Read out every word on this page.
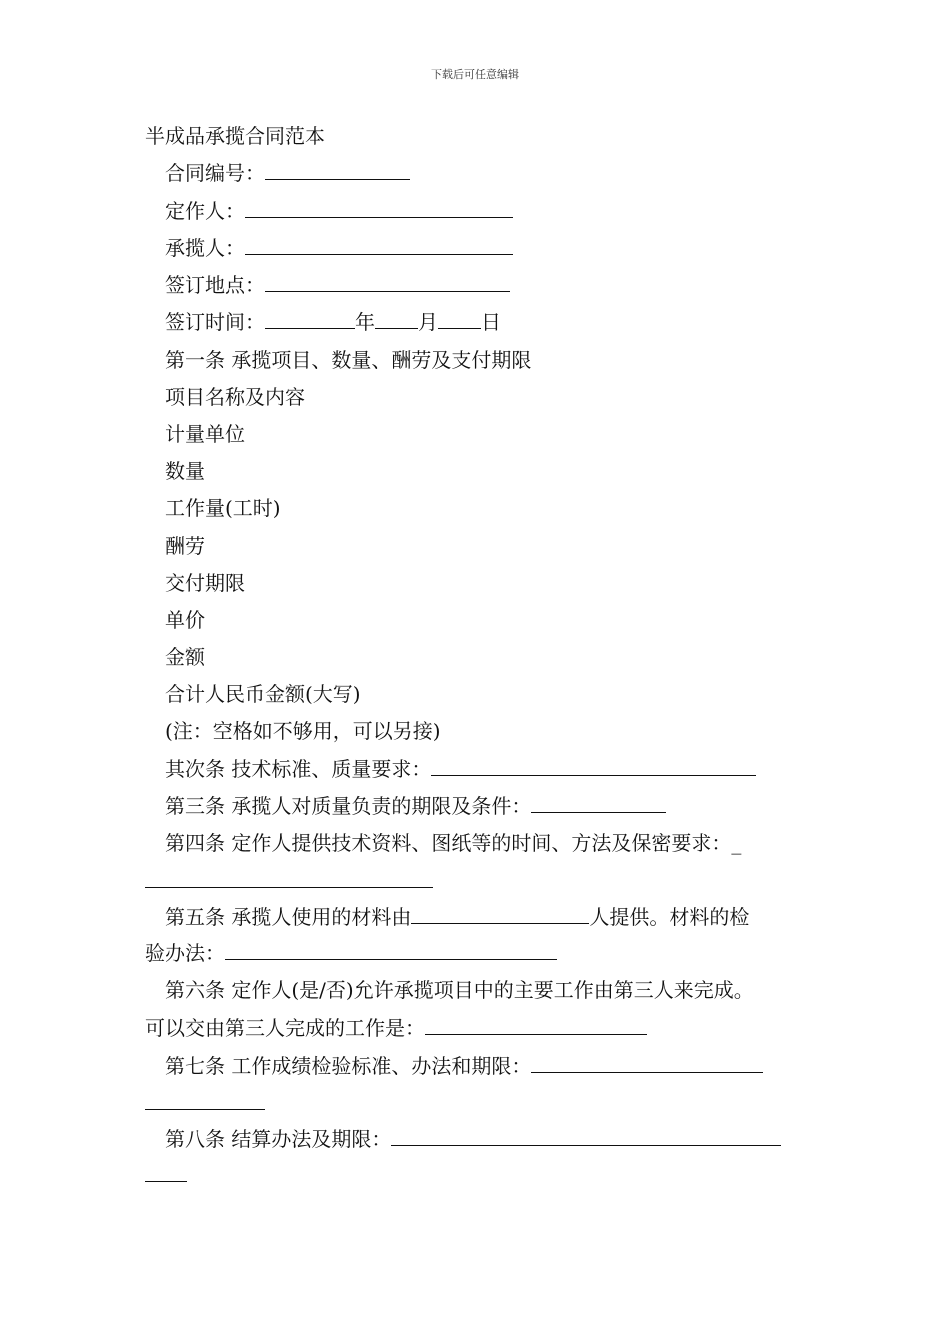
下载后可任意编辑
半成品承揽合同范本
合同编号：
定作人：
承揽人：
签订地点：
签订时间：	年 月 日
第一条 承揽项目、数量、酬劳及支付期限
项目名称及内容
计量单位
数量
工作量(工时)
酬劳
交付期限
单价
金额
合计人民币金额(大写)
(注：空格如不够用，可以另接)
其次条 技术标准、质量要求：
第三条 承揽人对质量负责的期限及条件：
第四条 定作人提供技术资料、图纸等的时间、方法及保密要求：_
第五条 承揽人使用的材料由	人提供。材料的检
验办法：
第六条 定作人(是/否)允许承揽项目中的主要工作由第三人来完成。
可以交由第三人完成的工作是：
第七条 工作成绩检验标准、办法和期限：
第八条 结算办法及期限：
